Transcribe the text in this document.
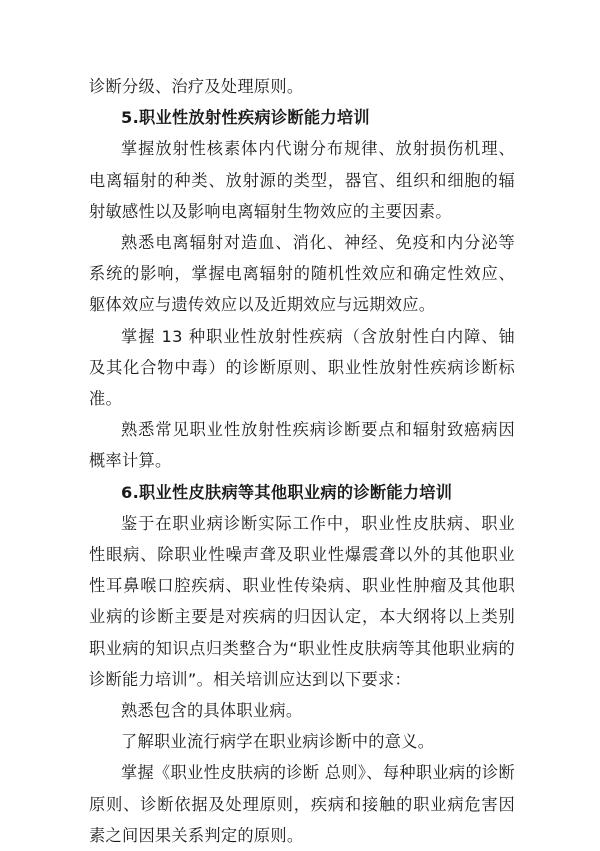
诊断分级、治疗及处理原则。

5.职业性放射性疾病诊断能力培训

掌握放射性核素体内代谢分布规律、放射损伤机理、电离辐射的种类、放射源的类型，器官、组织和细胞的辐射敏感性以及影响电离辐射生物效应的主要因素。

熟悉电离辐射对造血、消化、神经、免疫和内分泌等系统的影响，掌握电离辐射的随机性效应和确定性效应、躯体效应与遗传效应以及近期效应与远期效应。

掌握 13 种职业性放射性疾病（含放射性白内障、铀及其化合物中毒）的诊断原则、职业性放射性疾病诊断标准。

熟悉常见职业性放射性疾病诊断要点和辐射致癌病因概率计算。

6.职业性皮肤病等其他职业病的诊断能力培训

鉴于在职业病诊断实际工作中，职业性皮肤病、职业性眼病、除职业性噪声聋及职业性爆震聋以外的其他职业性耳鼻喉口腔疾病、职业性传染病、职业性肿瘤及其他职业病的诊断主要是对疾病的归因认定，本大纲将以上类别职业病的知识点归类整合为“职业性皮肤病等其他职业病的诊断能力培训”。相关培训应达到以下要求：

熟悉包含的具体职业病。

了解职业流行病学在职业病诊断中的意义。

掌握《职业性皮肤病的诊断 总则》、每种职业病的诊断原则、诊断依据及处理原则，疾病和接触的职业病危害因素之间因果关系判定的原则。
